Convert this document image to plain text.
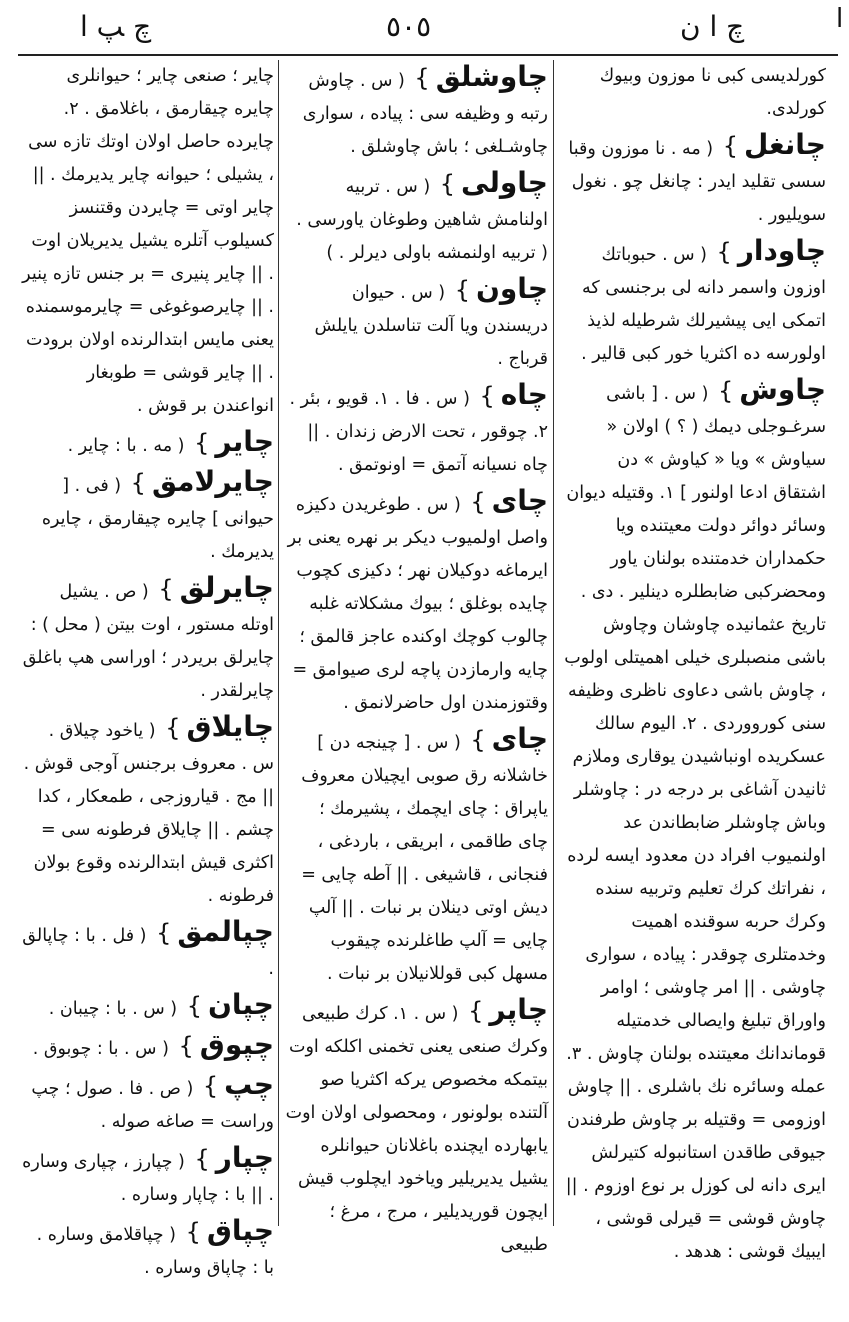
ﭺ ﭗ ا	٥٠٥	ﭺ ا ن	ا
كورلديسى كبى نا موزون وبيوك كورلدى.
چانغل} ( مه . نا موزون وقبا سسى تقليد ايدر : چانغل چو . نغول سويليور .
چاودار} ( س . حبوباتك اوزون واسمر دانه لى برجنسى كه اتمكى ايى پيشيرلك شرطيله لذيذ اولورسه ده اكثريا خور كبى قالير .
چاوش} ( س . [ باشى سرغـوجلى ديمك ( ؟ ) اولان « سياوش » ويا « كياوش » دن اشتقاق ادعا اولنور ] ١. وقتيله ديوان وسائر دوائر دولت معيتنده ويا حكمداران خدمتنده بولنان ياور ومحضركبى ضابطلره دينلير . دى . تاريخ عثمانيده چاوشان وچاوش باشى منصبلرى خيلى اهميتلى اولوب ، چاوش باشى دعاوى ناظرى وظيفه سنى كورووردى . ٢. اليوم سالك عسكريده اونباشيدن يوقارى وملازم ثانيدن آشاغى بر درجه در : چاوشلر وباش چاوشلر ضابطاندن عد اولنميوب افراد دن معدود ايسه لرده ، نفراتك كرك تعليم وتربيه سنده وكرك حربه سوقنده اهميت وخدمتلرى چوقدر : پياده ، سوارى چاوشى . || امر چاوشى ؛ اوامر واوراق تبليغ وايصالى خدمتيله قوماندانك معيتنده بولنان چاوش . ٣. عمله وسائره نك باشلرى . || چاوش اوزومى = وقتيله بر چاوش طرفندن جيوقى طاقدن استانبوله كتيرلش ايرى دانه لى كوزل بر نوع اوزوم . || چاوش قوشى = قيرلى قوشى ، ايبيك قوشى : هدهد .
چاوشلق} ( س . چاوش رتبه و وظيفه سى : پياده ، سوارى چاوشـلغى ؛ باش چاوشلق .
چاولى} ( س . تربيه اولنامش شاهين وطوغان ياورسى . ( تربيه اولنمشه باولى ديرلر . )
چاون} ( س . حيوان دريسندن ويا آلت تناسلدن يايلش قرباج .
چاه} ( س . فا . ١. قويو ، بئر . ٢. چوقور ، تحت الارض زندان . || چاه نسيانه آتمق = اونوتمق .
چاى} ( س . طوغريدن دكيزه واصل اولميوب ديكر بر نهره يعنى بر ايرماغه دوكيلان نهر ؛ دكيزى كچوب چايده بوغلق ؛ بيوك مشكلاته غلبه چالوب كوچك اوكنده عاجز قالمق ؛ چايه وارمازدن پاچه لرى صيوامق = وقتوزمندن اول حاضرلانمق .
چاى} ( س . [ چينجه دن ] خاشلانه رق صوبى ايچيلان معروف ياپراق : چاى ايچمك ، پشيرمك ؛ چاى طاقمى ، ابريقى ، باردغى ، فنجانى ، قاشيغى . || آطه چايى = ديش اوتى دينلان بر نبات . || آلپ چايى = آلپ طاغلرنده چيقوب مسهل كبى قوللانيلان بر نبات .
چاپر} ( س . ١. كرك طبيعى وكرك صنعى يعنى تخمنى اكلكه اوت بيتمكه مخصوص يركه اكثريا صو آلتنده بولونور ، ومحصولى اولان اوت يابهارده ايچنده باغلانان حيوانلره يشيل يديريلير وياخود ايچلوب قيش ايچون قوريديلير ، مرج ، مرغ ؛ طبيعى
چاير ؛ صنعى چاير ؛ حيوانلرى چايره چيقارمق ، باغلامق . ٢. چايرده حاصل اولان اوتك تازه سى ، يشيلى ؛ حيوانه چاير يديرمك . || چاير اوتى = چايردن وقتنسز كسيلوب آتلره يشيل يديريلان اوت . || چاير پنيرى = بر جنس تازه پنير . || چايرصوغوغى = چايرموسمنده يعنى مايس ابتدالرنده اولان برودت . || چاير قوشى = طوبغار انواعندن بر قوش .
چاير} ( مه . با : چاير .
چايرلامق} ( فى . [ حيوانى ] چايره چيقارمق ، چايره يديرمك .
چايرلق} ( ص . يشيل اوتله مستور ، اوت بيتن ( محل ) : چايرلق بريردر ؛ اوراسى هپ باغلق چايرلقدر .
چايلاق} ( ياخود چيلاق . س . معروف برجنس آوجى قوش . || مج . قياروزجى ، طمعكار ، كدا چشم . || چايلاق فرطونه سى = اكثرى قيش ابتدالرنده وقوع بولان فرطونه .
چپالمق} ( فل . با : چاپالق .
چپان} ( س . با : چيبان .
چپوق} ( س . با : چوبوق .
چپ} ( ص . فا . صول ؛ چپ وراست = صاغه صوله .
چپار} ( چپارز ، چپارى وساره . || با : چاپار وساره .
چپاق} ( چپاقلامق وساره . با : چاپاق وساره .
